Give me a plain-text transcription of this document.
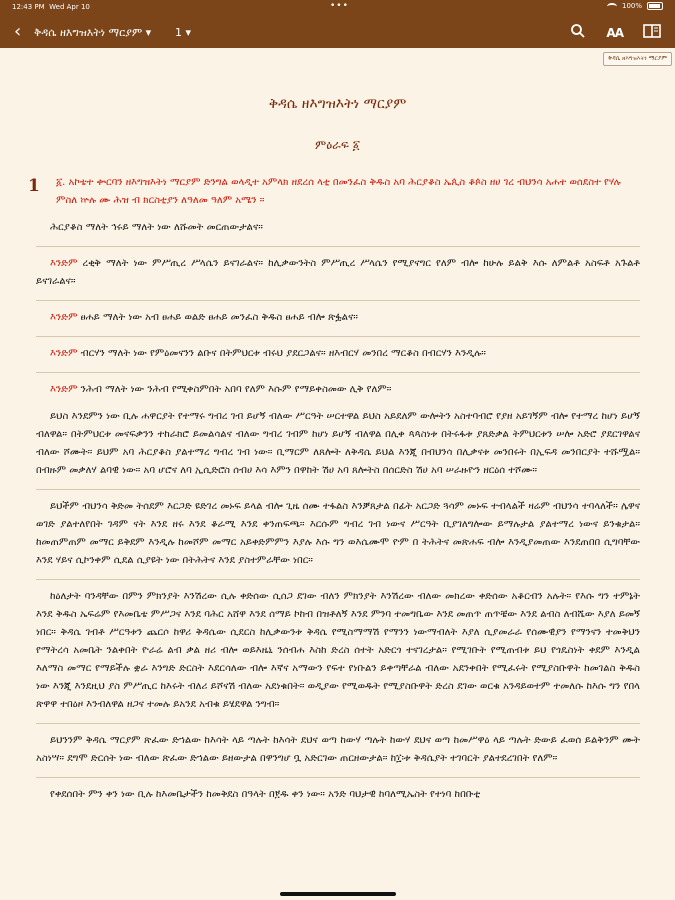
12:43 PM Wed Apr 10	•••	100%
‹ ቅዳሴ ዘእግዝእትነ ማርያም ▾ 1 ▾	AA
ቅዳሴ ዘእግዝእትነ ማርያም
ቅዳሴ ዘእግዝእትነ ማርያም
ምዕራፍ ፩
1	፩. አኮቴተ ቍርባን ዘእግዝእትነ ማርያም ድንግል ወላዲተ አምላክ ዘደረሰ ላቲ በመንፈስ ቅዱስ አባ ሕርያቆስ ኤጲስ ቆጶስ ዘሀ ገረ ብህንሳ አሐተ ወሰደስተ የሃሉ ምስለ ኵሉ ሙ ሕዝ ብ ክርስቲያን ለዓለመ ዓለም አሜን ።

ሕርያቆስ ማለት ኅሩይ ማለት ነው ለሹመት መርጠውታልና።

እንድም ረቂቅ ማለት ነው ምሥጢረ ሥላሴን ይናገራልና። ከሊቃውንትስ ምሥጢረ ሥላሴን የሚያናግር የለም ብሎ ከሁሉ ይልቅ እሱ ለምልቶ አስፍቶ አጉልቶ ይናገራልና።

እንድም ፀሐይ ማለት ነው አብ ፀሐይ ወልድ ፀሐይ መንፈስ ቅዱስ ፀሐይ ብሎ ጽፏልና።

እንድም ብርሃን ማለት ነው የምዕመናንን ልቡና በትምህርቱ ብሩህ ያደርጋልና። ዘእብርሃ መንበረ ማርቆስ በብርሃን እንዲሉ።

እንድም ንሕብ ማለት ነው ንሕብ የሚቀስምበት አበባ የለም እሱም የማይቀስመው ሊቅ የለም።

ይህስ እንደምን ነው ቢሉ ሐዋርያት የተማሩ ግብረ ገብ ይሆኝ ብለው ሥርዓት ሠርተዋል ይህስ አይደለም ውሎትን አስተባብሮ የያዘ አይገኝም ብሎ የተማረ ከሆነ ይሆኝ ብለዋል። በትምህርቱ መናፍቃንን ተከራክሮ ይመልሳልና ብለው ግብረ ገብም ከሆነ ይሆኝ ብለዋል በሊቀ ጳጳስነቱ በትሩፋቱ ያጸድቃል ትምህርቱን ሠሎ አድሮ ያደርገዋልና ብለው ሾሙት። ይህም አባ ሕርያቆስ ያልተማረ ግብረ ገብ ነው። ቢማርም ለጸሎት ለቅዳሴ ይህል እንጂ በብህንሳ በሊቃናቱ መንበሩት በኢፍዳ መንበርያት ተሹሟል። በብዙም መቃለሃ ልባዊ ነው። አባ ሆሮና ለባ ኢሲድሮስ ሰብሀ እሳ እምን በዋከት ሽሀ አባ ጸሎትስ በሰርድስ ሽሀ አባ ሠራዙዮን ዘርዕሰ ተሾሙ።

ይህችም ብህንሳ ቅድመ ትሰደም እርጋድ ዩድገረ መኑፍ ይላል ብሎ ጊዜ ሰሙ ተፋልስ እንቓጸታል በፊት አርጋድ ጓሳም መኑፍ ተብላልች ዛሬም ብህንሳ ተባላለች። ሌዋና ወገድ ያልተለየበት ገዳም ናት እንደ ዘሩ እንደ ቆራሚ እንደ ቀንጠፍጫ። እርሱም ግብረ ገብ ነውና ሥርዓት ቢያገለግሎው ይማሉታል ያልተማረ ነውና ይንቁታል። ከመጠምጠም መማር ይቅደም እንዲሉ ከመሾም መማር አይቀድምምን እያሉ እሱ ግን ወእሴሙሞ ዮም በ ትሕትና መጽሐፍ ብሎ እንዲያመጠው እንደጠበበ ሲግባቸው እንደ ሃይና ሲኮንቀም ሲደል ሲያዩት ነው በትሕትና እንደ ያስተምራቸው ነበር።

ከዕለታት ባንዳቸው በምን ምክንያት እንሽረው ሲሉ ቀድሰው ሲሰጋ ደገው ብለን ምክንያት እንሽረው ብለው መክረው ቀድሰው አቆርብን አሉት። የእሱ ግን ተምኔት እንደ ቅዱስ ኤፍሬም የእመቤቴ ምሥጋና እንደ ባሕር አሸዋ እንደ ሰማይ ኮከብ በዝቶለኝ እንደ ምንባ ተመግቤው እንደ መጠጥ ጠጥቼው እንደ ልብስ ለብሼው እያለ ይመኝ ነበር። ቅዳሴ ገብቶ ሥርዓቱን ጨርሶ ከዋሪ ቅዳሴው ሲደርስ ከሊቃውንቱ ቅዳሴ የሚስማማሽ የማንን ነውማብለት እያለ ሲያመራራ የሰሙዊያን የማንናን ተመቅህን የማትረሳ አመቤት ንልቀበት ዮራሬ ልብ ቃል ዘሪ ብሎ ወይእዜኒ ንሰብሐ እስከ ድረስ ሰተት አድርጎ ተናገረታል። የሚገቡት የሚጠብቱ ይህ የጎዴስነት ቀደም እንዲል እለማስ መማር የማይችሉ ቋራ እንግድ ድርስት እደርሳለው ብሎ እኛና አማውን የፍተ የነቡልን ይቀጣቸራል ብለው አደንቀበት የሚፈሩት የሚያስቡዋት ከመገልስ ቅዱስ ነው እንጂ እንደዚህ ያስ ምሥጢር ከእሩት ብለሪ ይሾናሽ ብለው አደነቁበት። ወዲያው የሚወዱት የሚያስቡዋት ድረስ ደገው ወርቁ አንዳይወተም ተመለሱ ከእሱ ግን የበላ ጽዋዋ ተበዕዞ እንብለዋል ዘጋና ተመሉ ይአንደ አብቁ ይሄደዋል ንግብ።

ይህንንም ቅዳሴ ማርያም ጽፈው ድኀልው ከእሳት ላይ ጣሉት ከእሳት ደህና ወጣ ከውሃ ጣሉት ከውሃ ደህና ወጣ ከመሥዋዕ ላይ ጣሉት ድውይ ፈወሰ ይልቅንም ሙት አስነሣ። ደግሞ ድርሰት ነው ብለው ጽፈው ድኀልው ይዘውታል በዋንግሆ ቧ አድርገው ጠርዘውታል። ከ፲፡ቱ ቅዳሴያት ተገባርት ያልተደረገበት የለም።

የቀደሰበት ምን ቀን ነው ቢሉ ከእመቤታችን ከመቅደስ በዓላት በ፻ዱ ቀን ነው። አንድ ባህታዊ ከባለሚኤስት የተነባ ከበቡቲ
